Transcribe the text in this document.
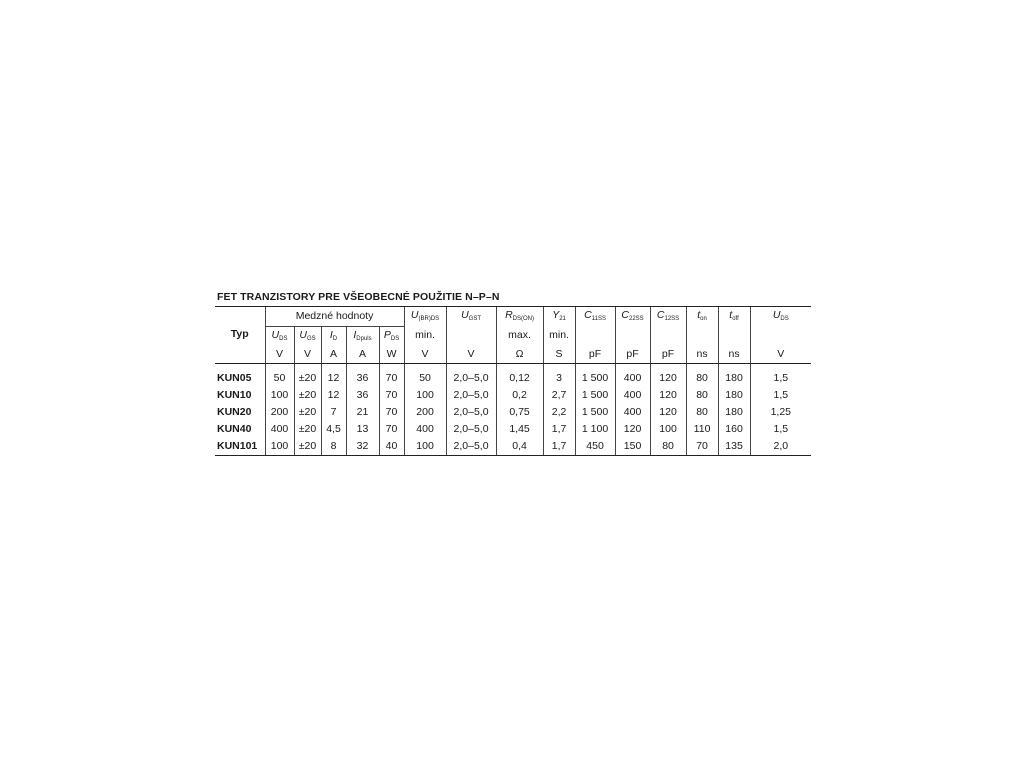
FET TRANZISTORY PRE VŠEOBECNÉ POUŽITIE N–P–N
Typ	Medzné hodnoty					$U_{(BR)DS}$	$U_{GST}$	$R_{DS(ON)}$	$Y_{21}$	$C_{11SS}$	$C_{22SS}$	$C_{12SS}$	$t_{on}$	$t_{off}$	$U_{DS}$
	$U_{DS}$	$U_{GS}$	$I_D$	$I_{Dpuls}$	$P_{DS}$	min.		max.	min.						
	V	V	A	A	W	V	V	Ω	S	pF	pF	pF	ns	ns	V
KUN05	50	±20	12	36	70	50	2,0–5,0	0,12	3	1 500	400	120	80	180	1,5
KUN10	100	±20	12	36	70	100	2,0–5,0	0,2	2,7	1 500	400	120	80	180	1,5
KUN20	200	±20	7	21	70	200	2,0–5,0	0,75	2,2	1 500	400	120	80	180	1,25
KUN40	400	±20	4,5	13	70	400	2,0–5,0	1,45	1,7	1 100	120	100	110	160	1,5
KUN101	100	±20	8	32	40	100	2,0–5,0	0,4	1,7	450	150	80	70	135	2,0
